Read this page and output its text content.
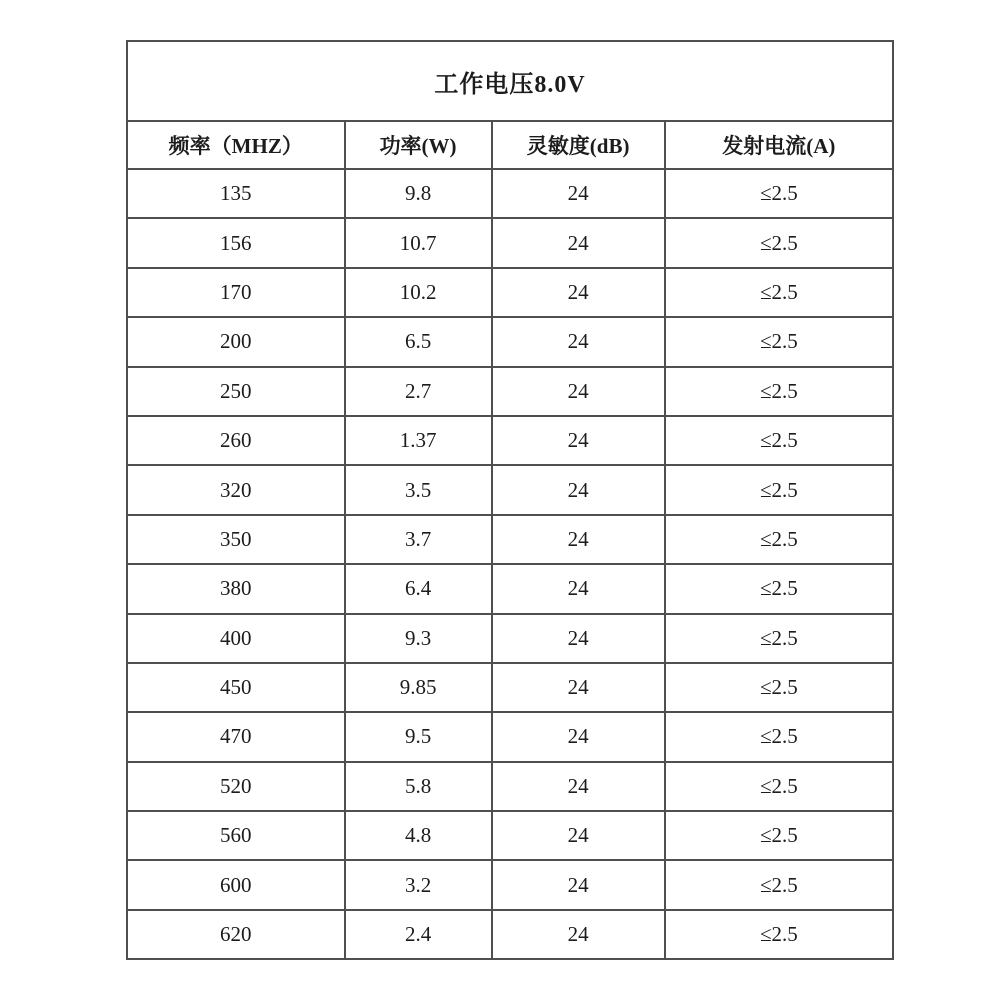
工作电压8.0V			
频率（MHZ）	功率(W)	灵敏度(dB)	发射电流(A)
135	9.8	24	≤2.5
156	10.7	24	≤2.5
170	10.2	24	≤2.5
200	6.5	24	≤2.5
250	2.7	24	≤2.5
260	1.37	24	≤2.5
320	3.5	24	≤2.5
350	3.7	24	≤2.5
380	6.4	24	≤2.5
400	9.3	24	≤2.5
450	9.85	24	≤2.5
470	9.5	24	≤2.5
520	5.8	24	≤2.5
560	4.8	24	≤2.5
600	3.2	24	≤2.5
620	2.4	24	≤2.5
